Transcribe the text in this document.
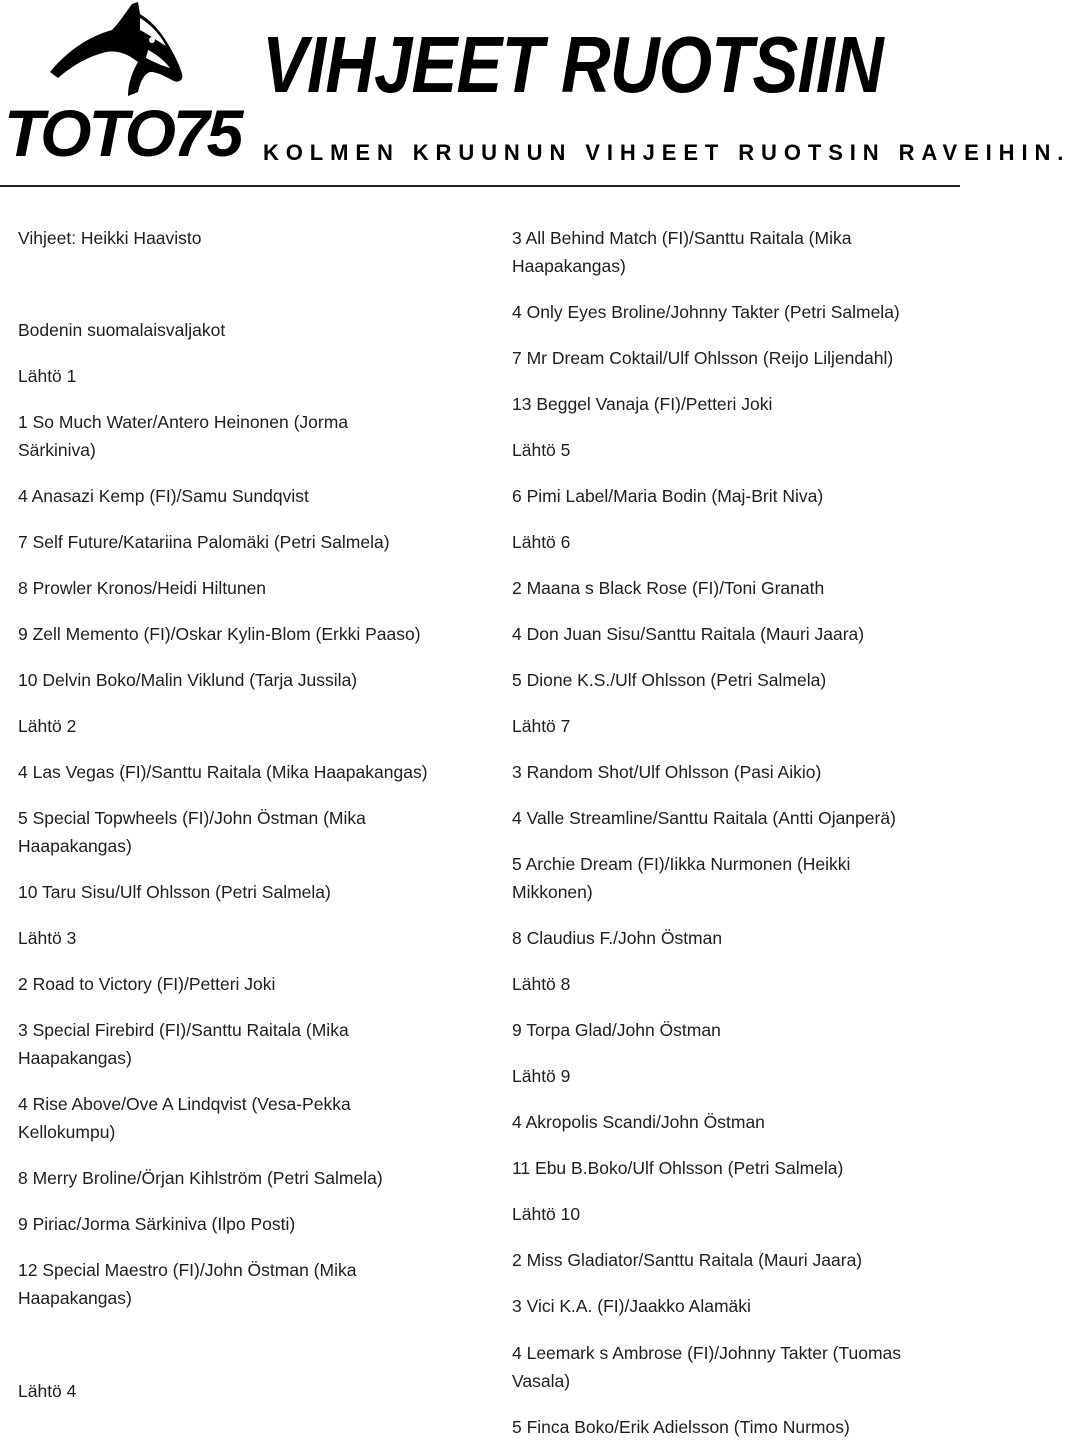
TOTO75
VIHJEET RUOTSIIN
KOLMEN KRUUNUN VIHJEET RUOTSIN RAVEIHIN.
Vihjeet: Heikki Haavisto
Bodenin suomalaisvaljakot
Lähtö 1
1 So Much Water/Antero Heinonen (Jorma
Särkiniva)
4 Anasazi Kemp (FI)/Samu Sundqvist
7 Self Future/Katariina Palomäki (Petri Salmela)
8 Prowler Kronos/Heidi Hiltunen
9 Zell Memento (FI)/Oskar Kylin-Blom (Erkki Paaso)
10 Delvin Boko/Malin Viklund (Tarja Jussila)
Lähtö 2
4 Las Vegas (FI)/Santtu Raitala (Mika Haapakangas)
5 Special Topwheels (FI)/John Östman (Mika
Haapakangas)
10 Taru Sisu/Ulf Ohlsson (Petri Salmela)
Lähtö 3
2 Road to Victory (FI)/Petteri Joki
3 Special Firebird (FI)/Santtu Raitala (Mika
Haapakangas)
4 Rise Above/Ove A Lindqvist (Vesa-Pekka
Kellokumpu)
8 Merry Broline/Örjan Kihlström (Petri Salmela)
9 Piriac/Jorma Särkiniva (Ilpo Posti)
12 Special Maestro (FI)/John Östman (Mika
Haapakangas)
Lähtö 4
3 All Behind Match (FI)/Santtu Raitala (Mika
Haapakangas)
4 Only Eyes Broline/Johnny Takter (Petri Salmela)
7 Mr Dream Coktail/Ulf Ohlsson (Reijo Liljendahl)
13 Beggel Vanaja (FI)/Petteri Joki
Lähtö 5
6 Pimi Label/Maria Bodin (Maj-Brit Niva)
Lähtö 6
2 Maana s Black Rose (FI)/Toni Granath
4 Don Juan Sisu/Santtu Raitala (Mauri Jaara)
5 Dione K.S./Ulf Ohlsson (Petri Salmela)
Lähtö 7
3 Random Shot/Ulf Ohlsson (Pasi Aikio)
4 Valle Streamline/Santtu Raitala (Antti Ojanperä)
5 Archie Dream (FI)/Iikka Nurmonen (Heikki
Mikkonen)
8 Claudius F./John Östman
Lähtö 8
9 Torpa Glad/John Östman
Lähtö 9
4 Akropolis Scandi/John Östman
11 Ebu B.Boko/Ulf Ohlsson (Petri Salmela)
Lähtö 10
2 Miss Gladiator/Santtu Raitala (Mauri Jaara)
3 Vici K.A. (FI)/Jaakko Alamäki
4 Leemark s Ambrose (FI)/Johnny Takter (Tuomas
Vasala)
5 Finca Boko/Erik Adielsson (Timo Nurmos)
